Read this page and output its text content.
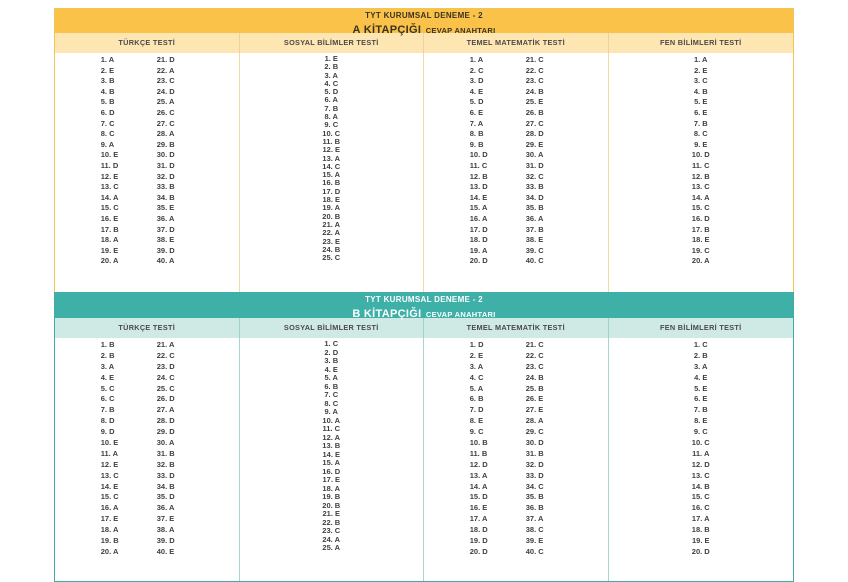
TYT KURUMSAL DENEME - 2
A KİTAPÇIĞI CEVAP ANAHTARI
TÜRKÇE TESTİ	SOSYAL BİLİMLER TESTİ	TEMEL MATEMATİK TESTİ	FEN BİLİMLERİ TESTİ
1. A
2. E
3. B
4. B
5. B
6. D
7. C
8. C
9. A
10. E
11. D
12. E
13. C
14. A
15. C
16. E
17. B
18. A
19. E
20. A
21. D
22. A
23. C
24. D
25. A
26. C
27. C
28. A
29. B
30. D
31. D
32. D
33. B
34. B
35. E
36. A
37. D
38. E
39. D
40. A
1. E
2. B
3. A
4. C
5. D
6. A
7. B
8. A
9. C
10. C
11. B
12. E
13. A
14. C
15. A
16. B
17. D
18. E
19. A
20. B
21. A
22. A
23. E
24. B
25. C
1. A
2. C
3. D
4. E
5. D
6. E
7. A
8. B
9. B
10. D
11. C
12. B
13. D
14. E
15. A
16. A
17. D
18. D
19. A
20. D
21. C
22. C
23. C
24. B
25. E
26. B
27. C
28. D
29. E
30. A
31. D
32. C
33. B
34. D
35. B
36. A
37. B
38. E
39. C
40. C
1. A
2. E
3. C
4. B
5. E
6. E
7. B
8. C
9. E
10. D
11. C
12. B
13. C
14. A
15. C
16. D
17. B
18. E
19. C
20. A
TYT KURUMSAL DENEME - 2
B KİTAPÇIĞI CEVAP ANAHTARI
TÜRKÇE TESTİ	SOSYAL BİLİMLER TESTİ	TEMEL MATEMATİK TESTİ	FEN BİLİMLERİ TESTİ
1. B
2. B
3. A
4. E
5. C
6. C
7. B
8. D
9. D
10. E
11. A
12. E
13. C
14. E
15. C
16. A
17. E
18. A
19. B
20. A
21. A
22. C
23. D
24. C
25. C
26. D
27. A
28. D
29. D
30. A
31. B
32. B
33. D
34. B
35. D
36. A
37. E
38. A
39. D
40. E
1. C
2. D
3. B
4. E
5. A
6. B
7. C
8. C
9. A
10. A
11. C
12. A
13. B
14. E
15. A
16. D
17. E
18. A
19. B
20. B
21. E
22. B
23. C
24. A
25. A
1. D
2. E
3. A
4. C
5. A
6. B
7. D
8. E
9. C
10. B
11. B
12. D
13. A
14. A
15. D
16. E
17. A
18. D
19. D
20. D
21. C
22. C
23. C
24. B
25. B
26. E
27. E
28. A
29. C
30. D
31. B
32. D
33. D
34. C
35. B
36. B
37. A
38. C
39. E
40. C
1. C
2. B
3. A
4. E
5. E
6. E
7. B
8. E
9. C
10. C
11. A
12. D
13. C
14. B
15. C
16. C
17. A
18. B
19. E
20. D
